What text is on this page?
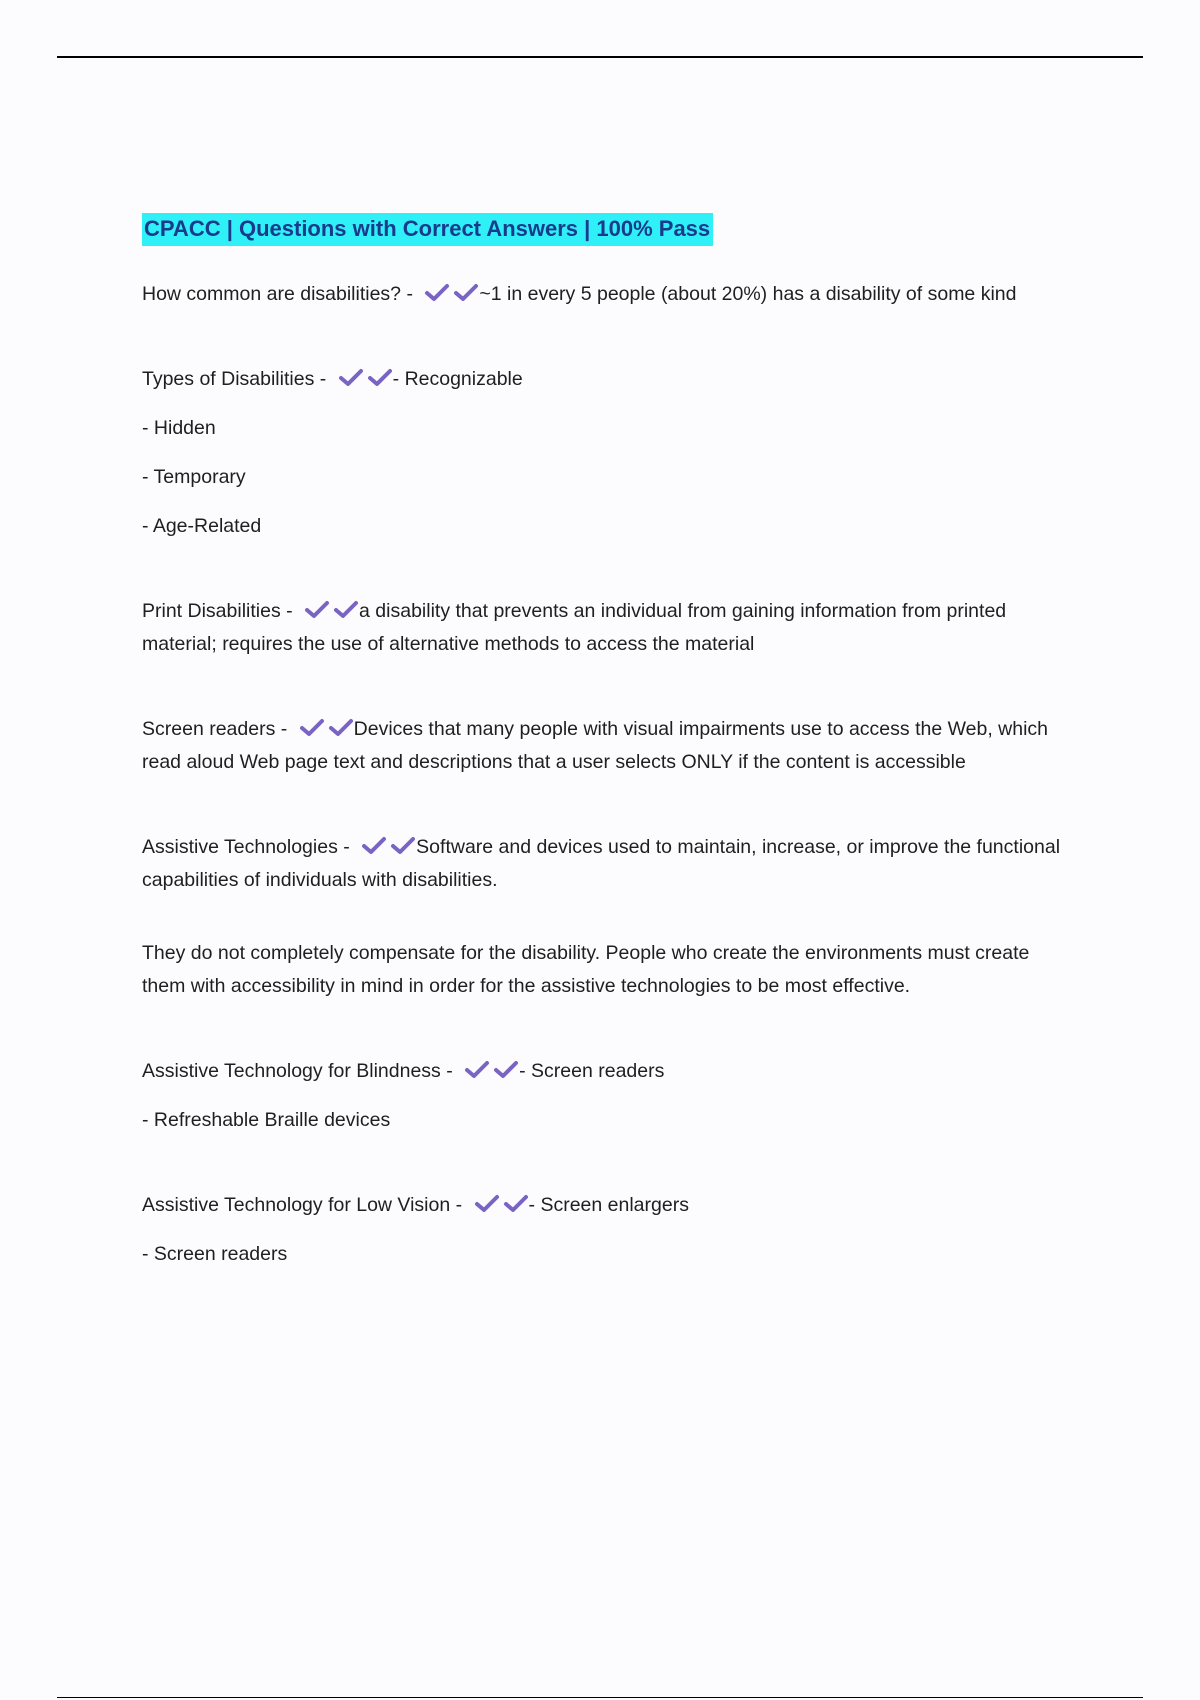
CPACC | Questions with Correct Answers | 100% Pass

How common are disabilities? -	~1 in every 5 people (about 20%) has a disability of some kind

Types of Disabilities -	- Recognizable

- Hidden

- Temporary

- Age-Related

Print Disabilities -	a disability that prevents an individual from gaining information from printed material; requires the use of alternative methods to access the material

Screen readers -	Devices that many people with visual impairments use to access the Web, which read aloud Web page text and descriptions that a user selects ONLY if the content is accessible

Assistive Technologies -	Software and devices used to maintain, increase, or improve the functional capabilities of individuals with disabilities.

They do not completely compensate for the disability. People who create the environments must create them with accessibility in mind in order for the assistive technologies to be most effective.

Assistive Technology for Blindness -	- Screen readers

- Refreshable Braille devices

Assistive Technology for Low Vision -	- Screen enlargers

- Screen readers
